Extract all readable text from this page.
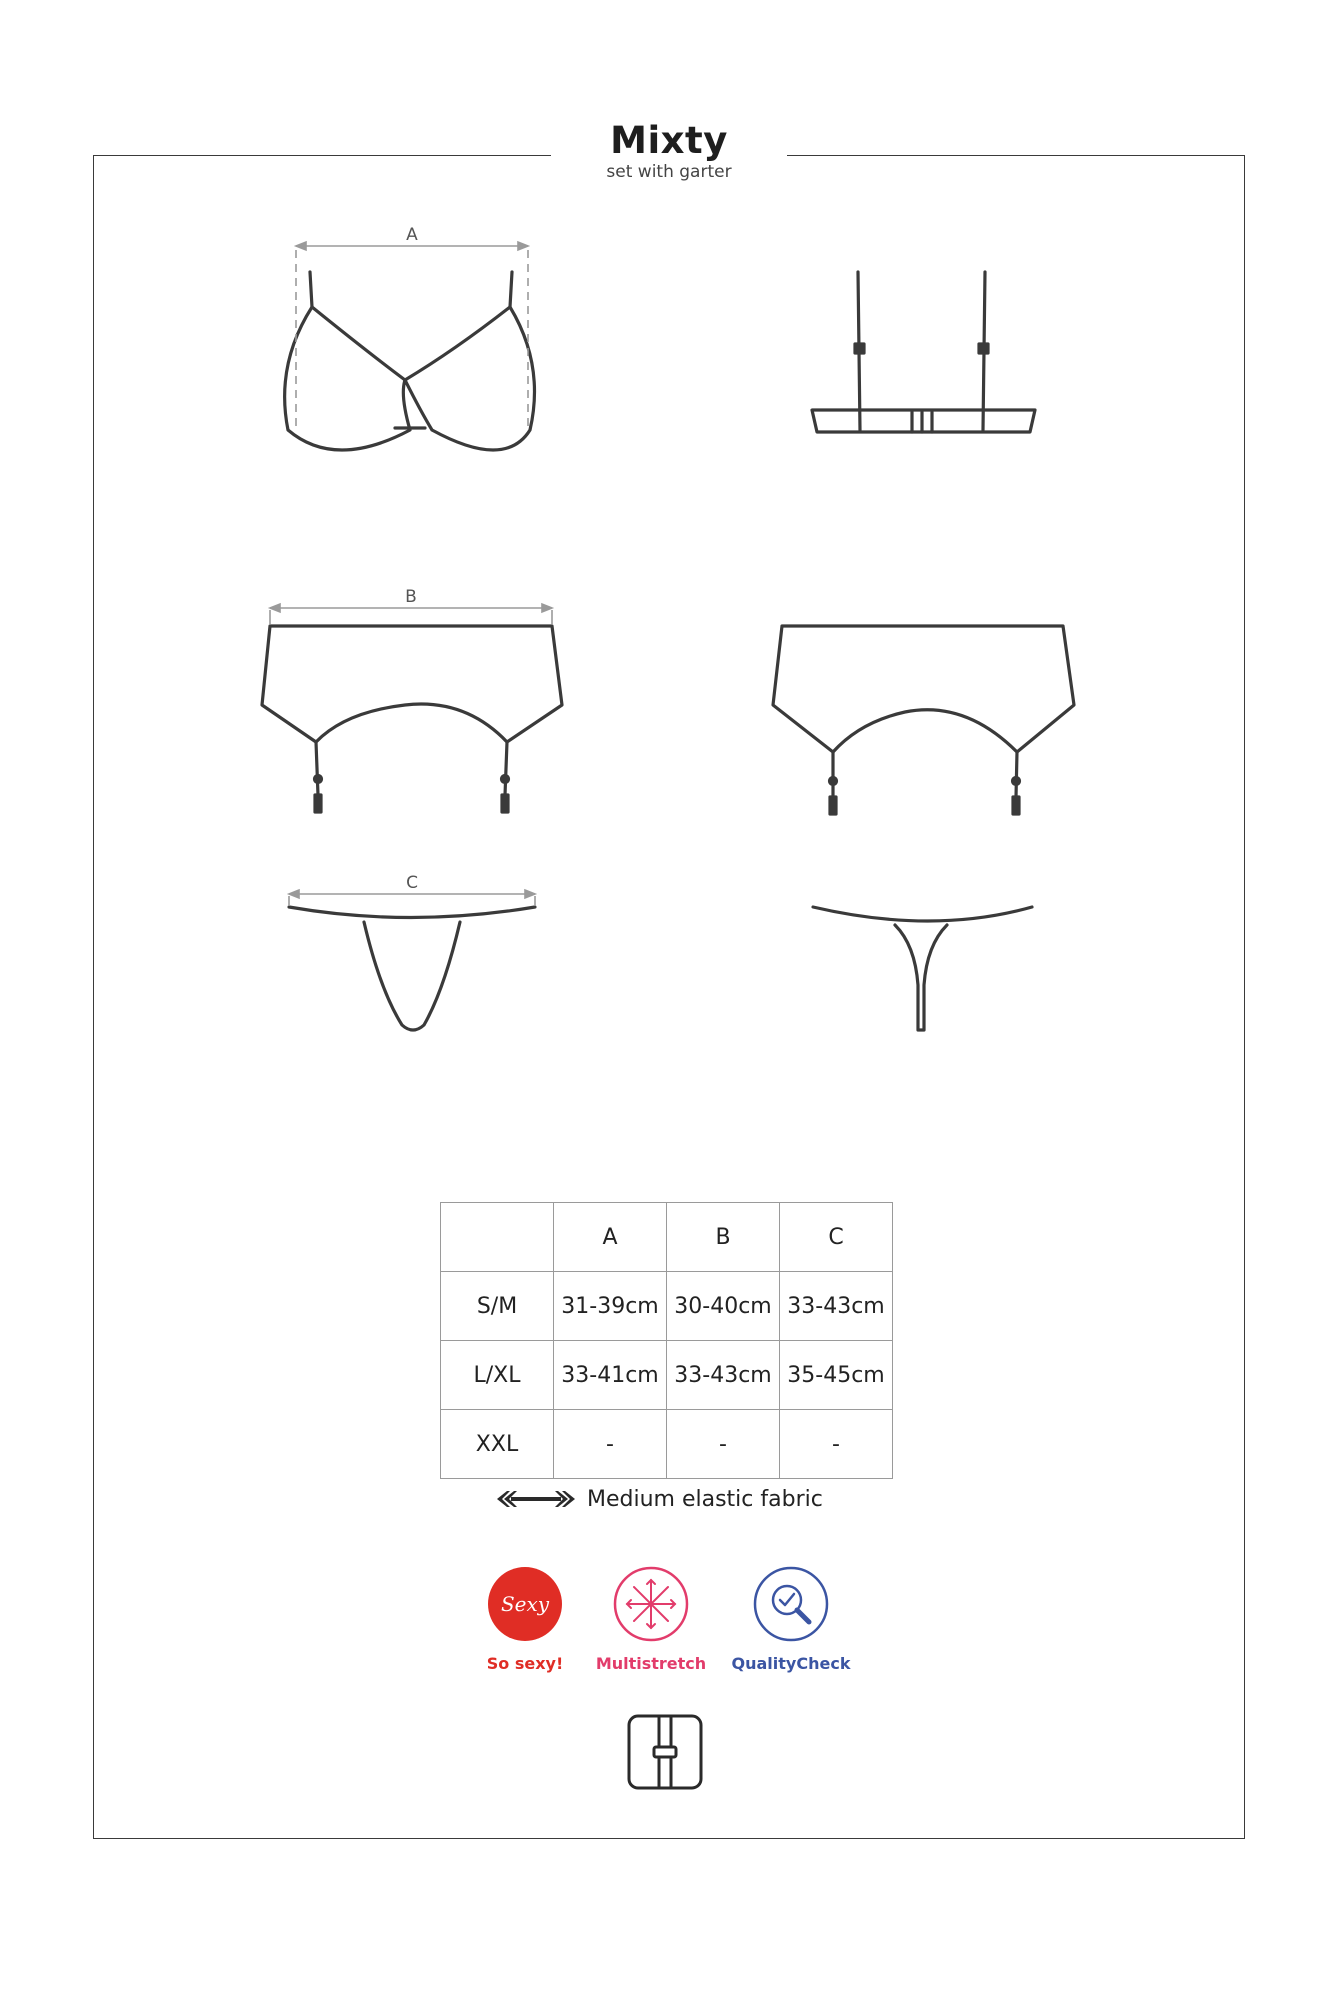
Mixty
set with garter
A
B
C
	A	B	C
S/M	31-39cm	30-40cm	33-43cm
L/XL	33-41cm	33-43cm	35-45cm
XXL	-	-	-
Medium elastic fabric
Sexy
So sexy!	Multistretch	QualityCheck
